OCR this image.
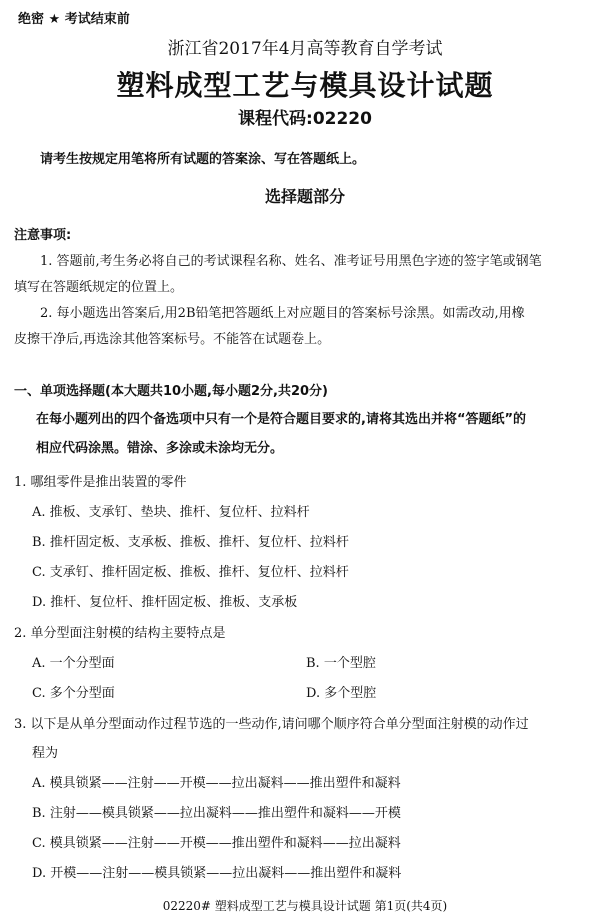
绝密 ★ 考试结束前
浙江省2017年4月高等教育自学考试
塑料成型工艺与模具设计试题
课程代码:02220
请考生按规定用笔将所有试题的答案涂、写在答题纸上。
选择题部分
注意事项:
1. 答题前,考生务必将自己的考试课程名称、姓名、准考证号用黑色字迹的签字笔或钢笔
填写在答题纸规定的位置上。
2. 每小题选出答案后,用2B铅笔把答题纸上对应题目的答案标号涂黑。如需改动,用橡
皮擦干净后,再选涂其他答案标号。不能答在试题卷上。
一、单项选择题(本大题共10小题,每小题2分,共20分)
在每小题列出的四个备选项中只有一个是符合题目要求的,请将其选出并将“答题纸”的
相应代码涂黑。错涂、多涂或未涂均无分。
1. 哪组零件是推出装置的零件
A. 推板、支承钉、垫块、推杆、复位杆、拉料杆
B. 推杆固定板、支承板、推板、推杆、复位杆、拉料杆
C. 支承钉、推杆固定板、推板、推杆、复位杆、拉料杆
D. 推杆、复位杆、推杆固定板、推板、支承板
2. 单分型面注射模的结构主要特点是
A. 一个分型面	B. 一个型腔
C. 多个分型面	D. 多个型腔
3. 以下是从单分型面动作过程节选的一些动作,请问哪个顺序符合单分型面注射模的动作过
程为
A. 模具锁紧——注射——开模——拉出凝料——推出塑件和凝料
B. 注射——模具锁紧——拉出凝料——推出塑件和凝料——开模
C. 模具锁紧——注射——开模——推出塑件和凝料——拉出凝料
D. 开模——注射——模具锁紧——拉出凝料——推出塑件和凝料
02220# 塑料成型工艺与模具设计试题 第1页(共4页)
